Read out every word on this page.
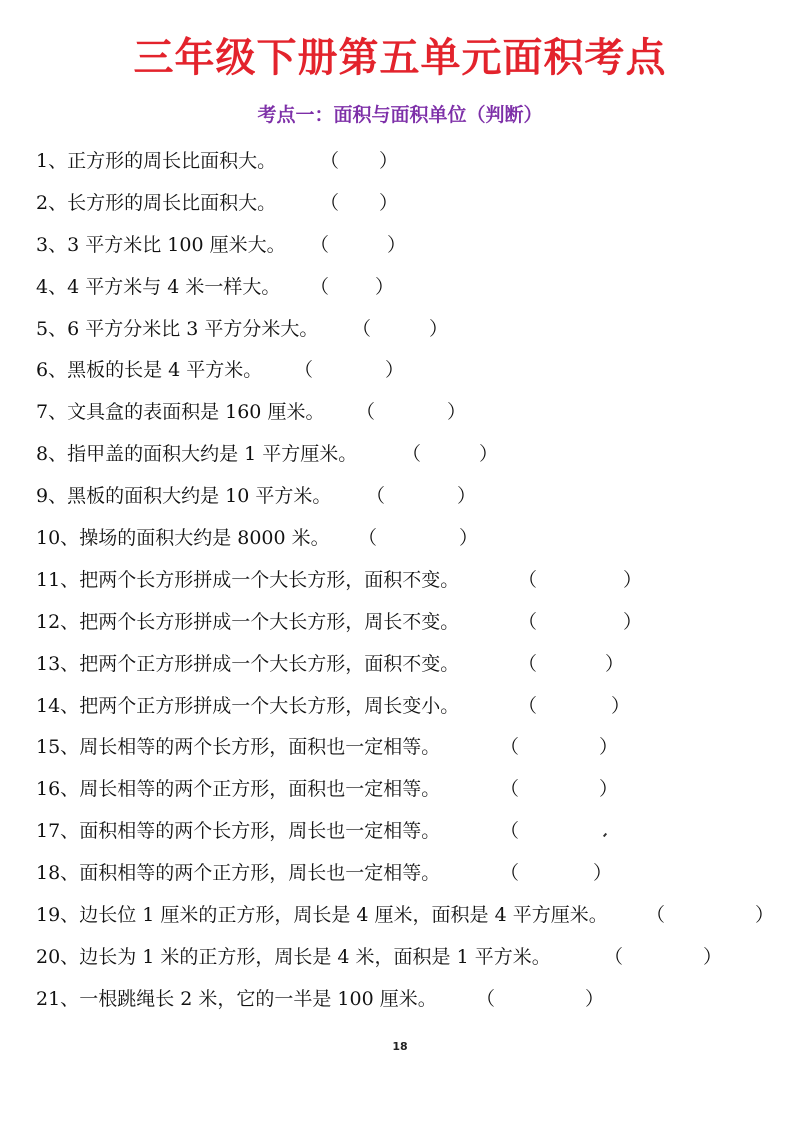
三年级下册第五单元面积考点
考点一：面积与面积单位（判断）
1、正方形的周长比面积大。 （ ）
2、长方形的周长比面积大。 （ ）
3、3 平方米比 100 厘米大。 （	）
4、4 平方米与 4 米一样大。 （ ）
5、6 平方分米比 3 平方分米大。 （	）
6、黑板的长是 4 平方米。 （	）
7、文具盒的表面积是 160 厘米。 （	）
8、指甲盖的面积大约是 1 平方厘米。 （	）
9、黑板的面积大约是 10 平方米。 （	）
10、操场的面积大约是 8000 米。 （	）
11、把两个长方形拼成一个大长方形，面积不变。	（	）
12、把两个长方形拼成一个大长方形，周长不变。	（	）
13、把两个正方形拼成一个大长方形，面积不变。	（	）
14、把两个正方形拼成一个大长方形，周长变小。	（	）
15、周长相等的两个长方形，面积也一定相等。	（	）
16、周长相等的两个正方形，面积也一定相等。	（	）
17、面积相等的两个长方形，周长也一定相等。	（
18、面积相等的两个正方形，周长也一定相等。	（	）
19、边长位 1 厘米的正方形，周长是 4 厘米，面积是 4 平方厘米。 （	）
20、边长为 1 米的正方形，周长是 4 米，面积是 1 平方米。	（	）
21、一根跳绳长 2 米，它的一半是 100 厘米。 （	）
18
